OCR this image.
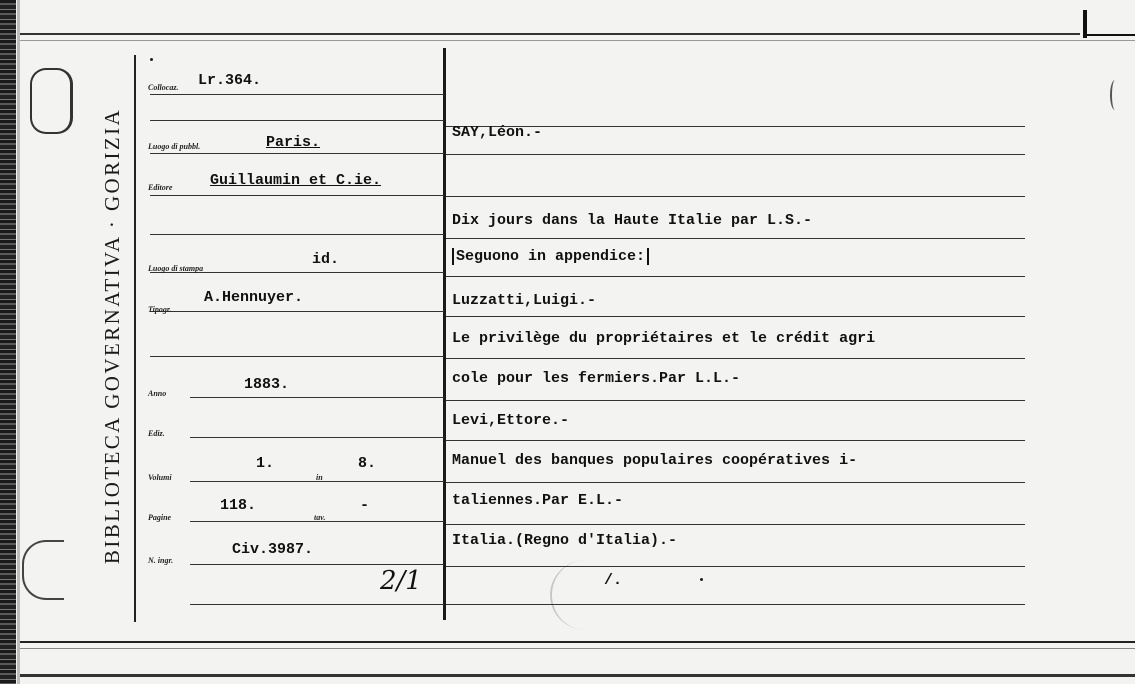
BIBLIOTECA GOVERNATIVA · GORIZIA
Collocaz. Lr.364.
Luogo di pubbl.	Paris.
Editore	Guillaumin et C.ie.
Luogo di stampa
id.
Tipogr.
A.Hennuyer.
Anno
1883.
Ediz.
Volumi
1.
in
8.
Pagine
118.
tav.
-
N. ingr.
Civ.3987.
2/1
SAY,Léon.-
Dix jours dans la Haute Italie par L.S.-
Seguono in appendice:
Luzzatti,Luigi.-
Le privilège du propriétaires et le crédit agri
cole pour les fermiers.Par L.L.-
Levi,Ettore.-
Manuel des banques populaires coopératives i-
taliennes.Par E.L.-
Italia.(Regno d'Italia).-
/.
